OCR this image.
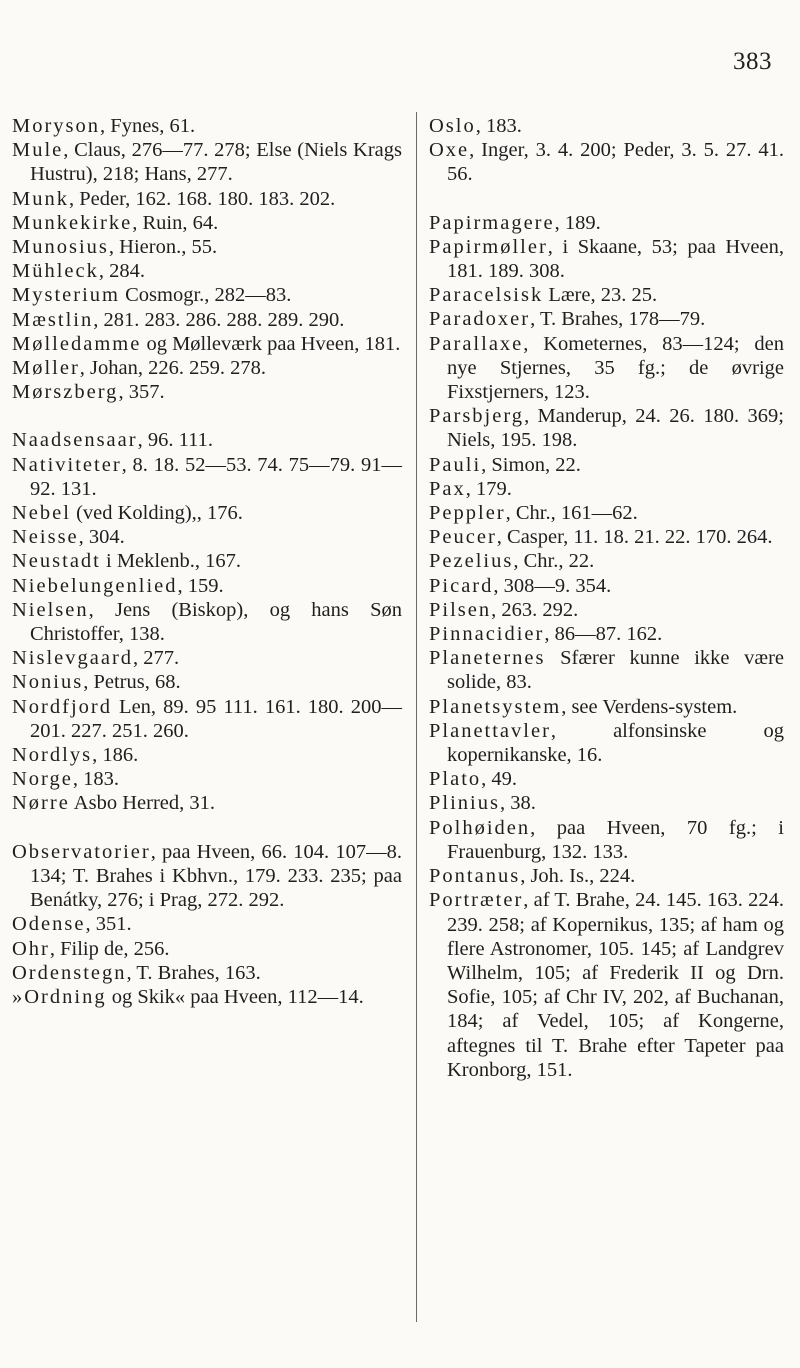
383
Moryson, Fynes, 61.
Mule, Claus, 276—77. 278; Else (Niels Krags Hustru), 218; Hans, 277.
Munk, Peder, 162. 168. 180. 183. 202.
Munkekirke, Ruin, 64.
Munosius, Hieron., 55.
Mühleck, 284.
Mysterium Cosmogr., 282—83.
Mæstlin, 281. 283. 286. 288. 289. 290.
Mølledamme og Mølleværk paa Hveen, 181.
Møller, Johan, 226. 259. 278.
Mørszberg, 357.
Naadsensaar, 96. 111.
Nativiteter, 8. 18. 52—53. 74. 75—79. 91—92. 131.
Nebel (ved Kolding),, 176.
Neisse, 304.
Neustadt i Meklenb., 167.
Niebelungenlied, 159.
Nielsen, Jens (Biskop), og hans Søn Christoffer, 138.
Nislevgaard, 277.
Nonius, Petrus, 68.
Nordfjord Len, 89. 95 111. 161. 180. 200—201. 227. 251. 260.
Nordlys, 186.
Norge, 183.
Nørre Asbo Herred, 31.
Observatorier, paa Hveen, 66. 104. 107—8. 134; T. Brahes i Kbhvn., 179. 233. 235; paa Benátky, 276; i Prag, 272. 292.
Odense, 351.
Ohr, Filip de, 256.
Ordenstegn, T. Brahes, 163.
»Ordning og Skik« paa Hveen, 112—14.
Oslo, 183.
Oxe, Inger, 3. 4. 200; Peder, 3. 5. 27. 41. 56.
Papirmagere, 189.
Papirmøller, i Skaane, 53; paa Hveen, 181. 189. 308.
Paracelsisk Lære, 23. 25.
Paradoxer, T. Brahes, 178—79.
Parallaxe, Kometernes, 83—124; den nye Stjernes, 35 fg.; de øvrige Fixstjerners, 123.
Parsbjerg, Manderup, 24. 26. 180. 369; Niels, 195. 198.
Pauli, Simon, 22.
Pax, 179.
Peppler, Chr., 161—62.
Peucer, Casper, 11. 18. 21. 22. 170. 264.
Pezelius, Chr., 22.
Picard, 308—9. 354.
Pilsen, 263. 292.
Pinnacidier, 86—87. 162.
Planeternes Sfærer kunne ikke være solide, 83.
Planetsystem, see Verdens-system.
Planettavler, alfonsinske og kopernikanske, 16.
Plato, 49.
Plinius, 38.
Polhøiden, paa Hveen, 70 fg.; i Frauenburg, 132. 133.
Pontanus, Joh. Is., 224.
Portræter, af T. Brahe, 24. 145. 163. 224. 239. 258; af Kopernikus, 135; af ham og flere Astronomer, 105. 145; af Landgrev Wilhelm, 105; af Frederik II og Drn. Sofie, 105; af Chr IV, 202, af Buchanan, 184; af Vedel, 105; af Kongerne, aftegnes til T. Brahe efter Tapeter paa Kronborg, 151.
